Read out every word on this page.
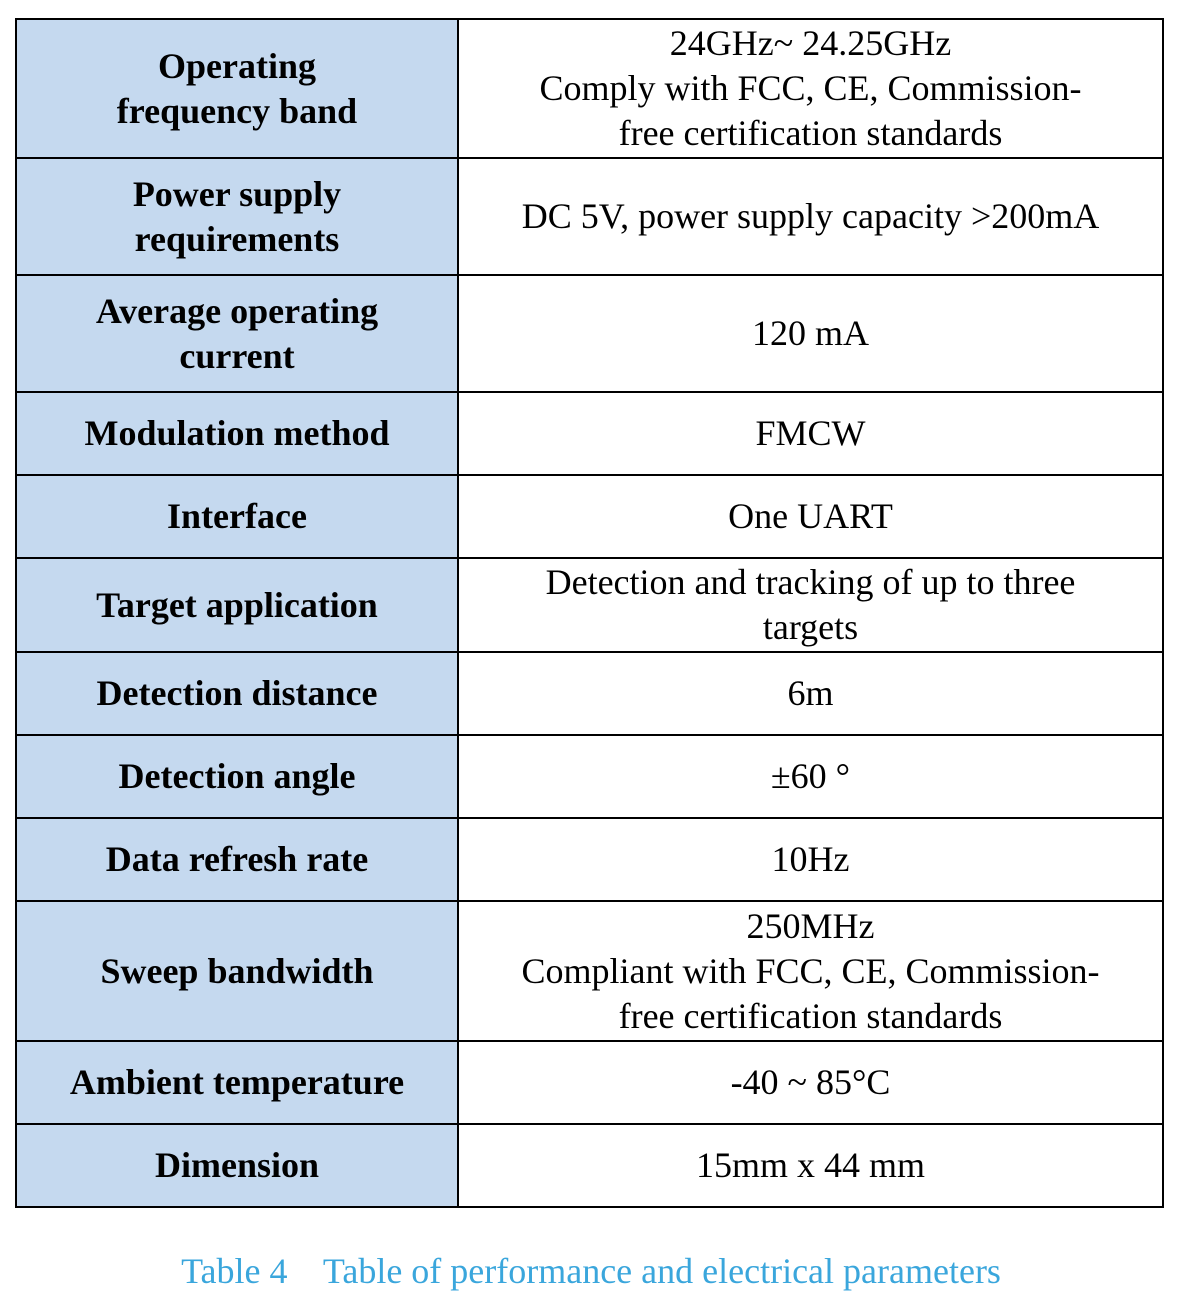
Operating
frequency band	24GHz~ 24.25GHz
Comply with FCC, CE, Commission-
free certification standards

Power supply
requirements	DC 5V, power supply capacity >200mA

Average operating
current	120 mA

Modulation method	FMCW

Interface	One UART

Target application	Detection and tracking of up to three
targets

Detection distance	6m

Detection angle	±60 °

Data refresh rate	10Hz

Sweep bandwidth	250MHz
Compliant with FCC, CE, Commission-
free certification standards

Ambient temperature	-40 ~ 85°C

Dimension	15mm x 44 mm
Table 4 Table of performance and electrical parameters
